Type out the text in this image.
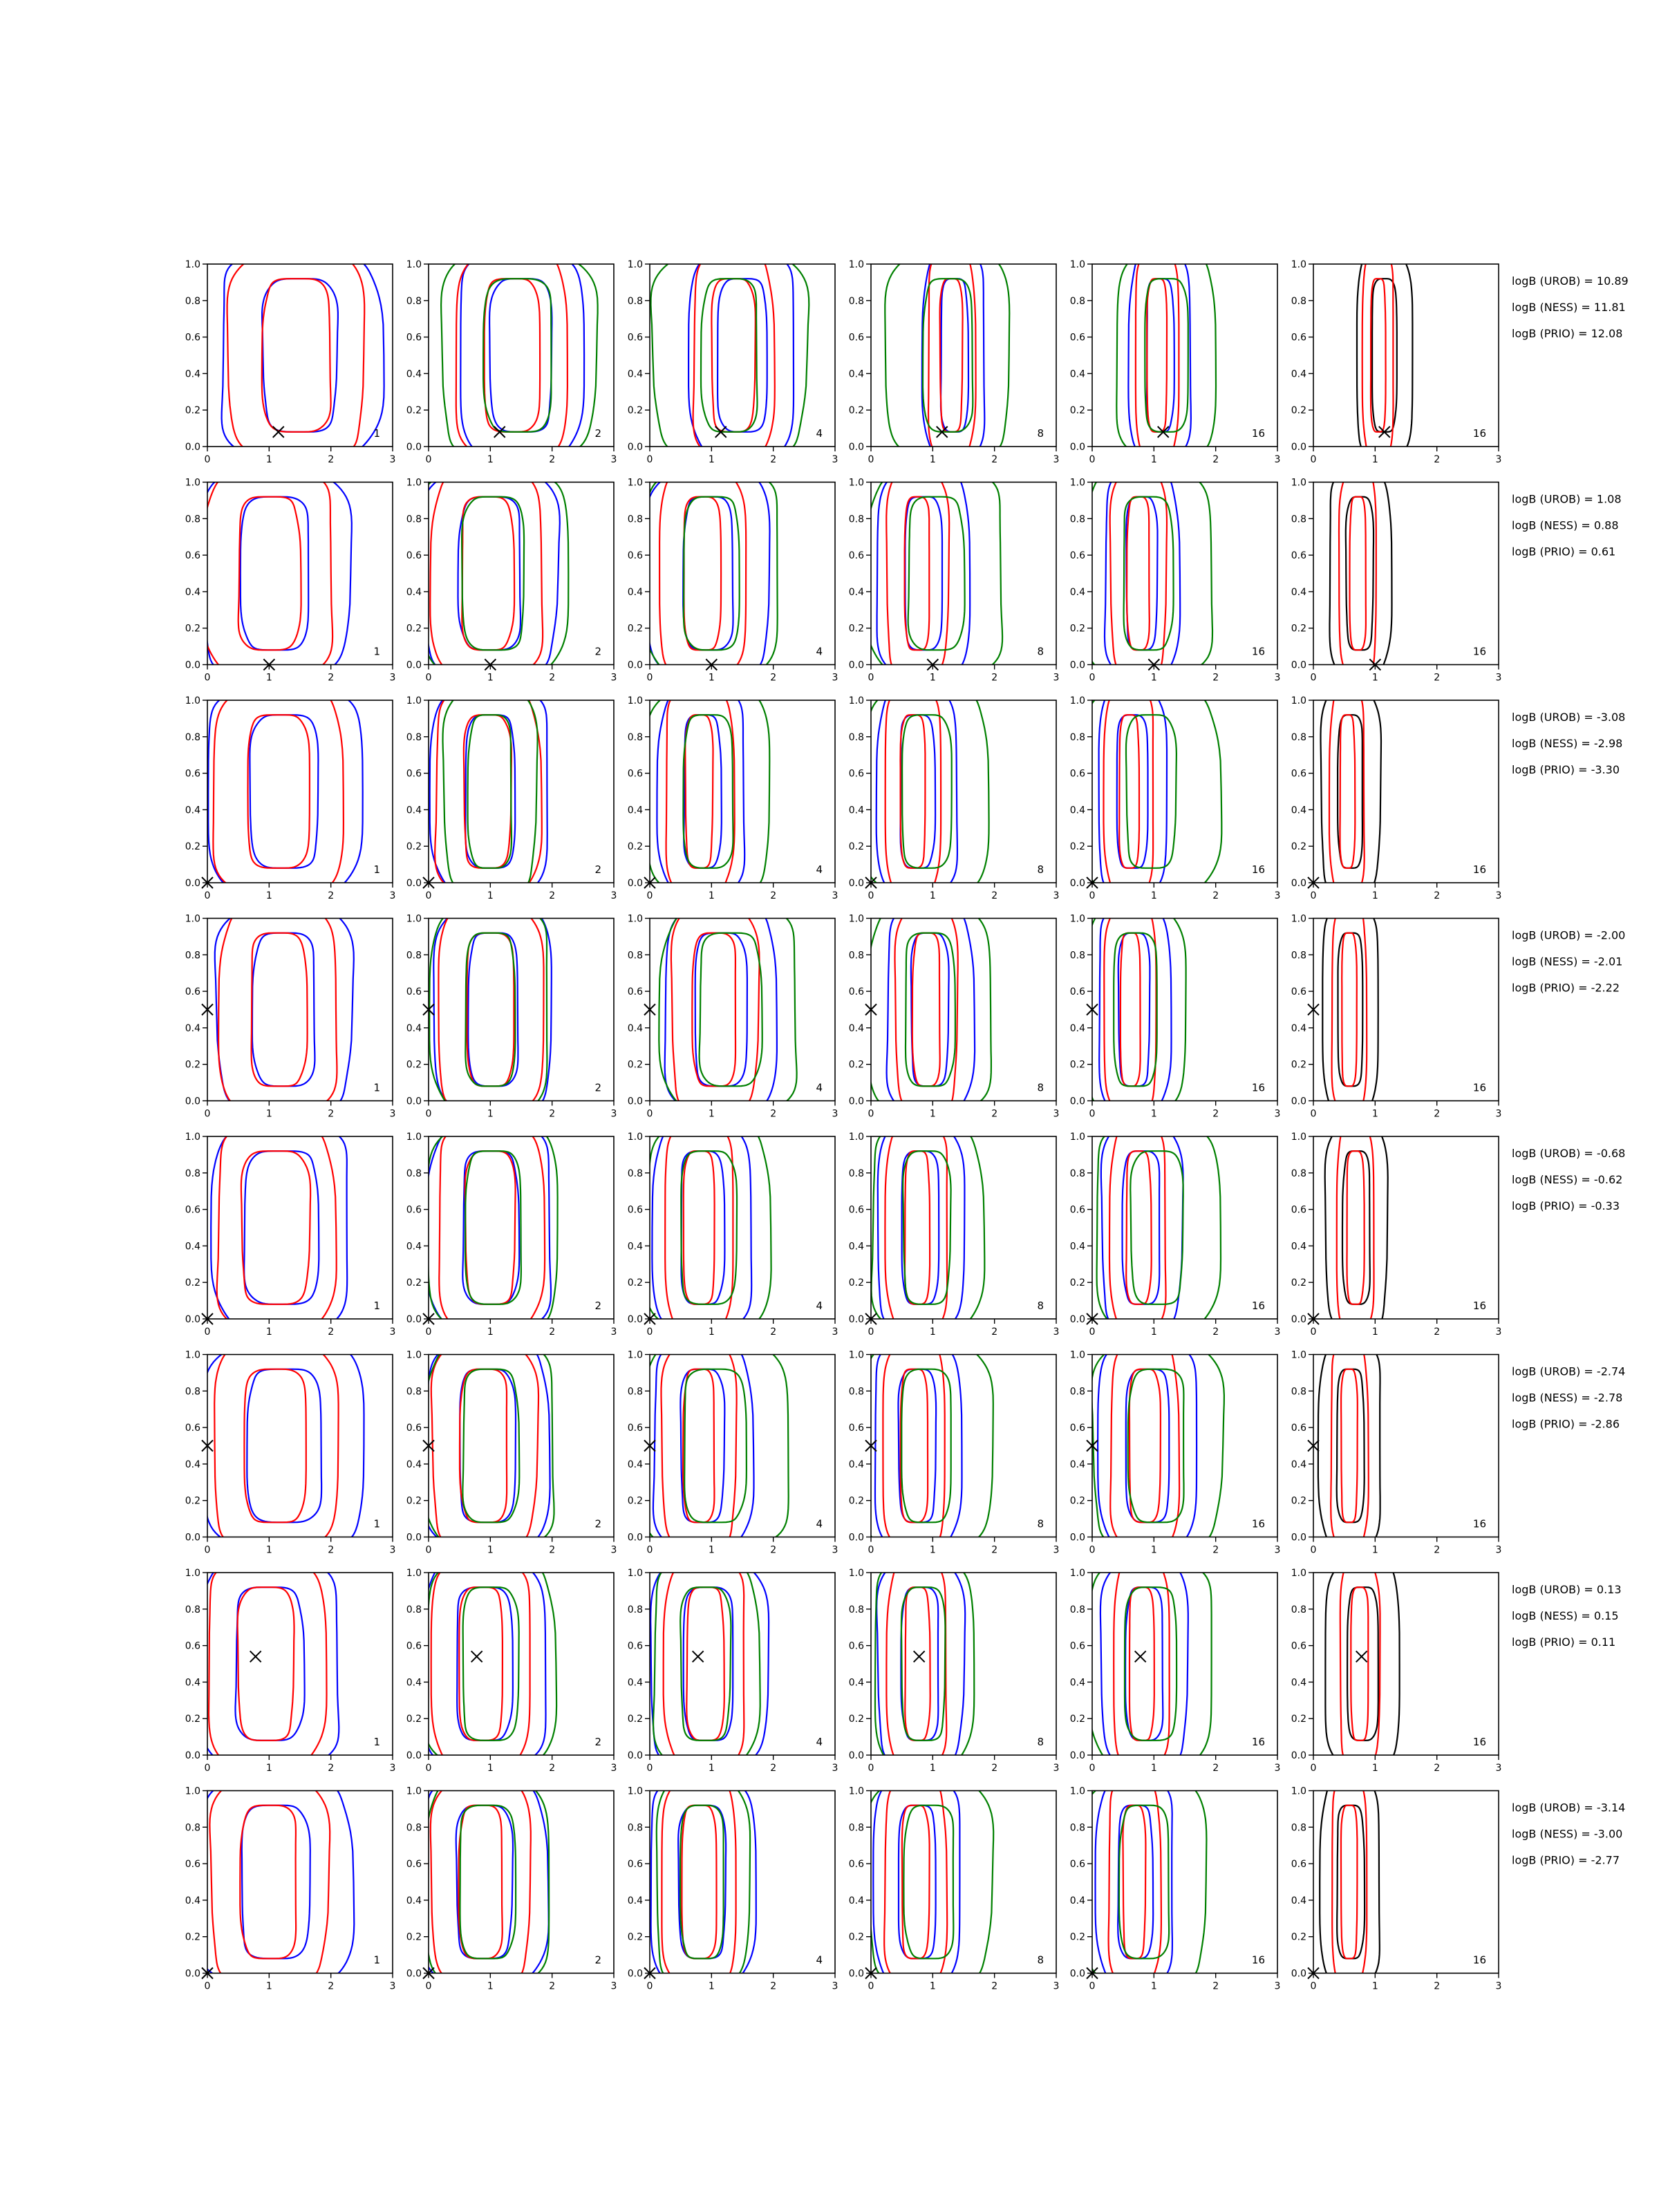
0	1	2	3
0.0
0.2
0.4
0.6
0.8
1.0
1
0	1	2	3
0.0
0.2
0.4
0.6
0.8
1.0
2
0	1	2	3
0.0
0.2
0.4
0.6
0.8
1.0
4
0	1	2	3
0.0
0.2
0.4
0.6
0.8
1.0
8
0	1	2	3
0.0
0.2
0.4
0.6
0.8
1.0
16
0	1	2	3
0.0
0.2
0.4
0.6
0.8
1.0
16
logB (UROB) = 10.89
logB (NESS) = 11.81
logB (PRIO) = 12.08
0	1	2	3
0.0
0.2
0.4
0.6
0.8
1.0
1
0	1	2	3
0.0
0.2
0.4
0.6
0.8
1.0
2
0	1	2	3
0.0
0.2
0.4
0.6
0.8
1.0
4
0	1	2	3
0.0
0.2
0.4
0.6
0.8
1.0
8
0	1	2	3
0.0
0.2
0.4
0.6
0.8
1.0
16
0	1	2	3
0.0
0.2
0.4
0.6
0.8
1.0
16
logB (UROB) = 1.08
logB (NESS) = 0.88
logB (PRIO) = 0.61
0	1	2	3
0.0
0.2
0.4
0.6
0.8
1.0
1
0	1	2	3
0.0
0.2
0.4
0.6
0.8
1.0
2
0	1	2	3
0.0
0.2
0.4
0.6
0.8
1.0
4
0	1	2	3
0.0
0.2
0.4
0.6
0.8
1.0
8
0	1	2	3
0.0
0.2
0.4
0.6
0.8
1.0
16
0	1	2	3
0.0
0.2
0.4
0.6
0.8
1.0
16
logB (UROB) = -3.08
logB (NESS) = -2.98
logB (PRIO) = -3.30
0	1	2	3
0.0
0.2
0.4
0.6
0.8
1.0
1
0	1	2	3
0.0
0.2
0.4
0.6
0.8
1.0
2
0	1	2	3
0.0
0.2
0.4
0.6
0.8
1.0
4
0	1	2	3
0.0
0.2
0.4
0.6
0.8
1.0
8
0	1	2	3
0.0
0.2
0.4
0.6
0.8
1.0
16
0	1	2	3
0.0
0.2
0.4
0.6
0.8
1.0
16
logB (UROB) = -2.00
logB (NESS) = -2.01
logB (PRIO) = -2.22
0	1	2	3
0.0
0.2
0.4
0.6
0.8
1.0
1
0	1	2	3
0.0
0.2
0.4
0.6
0.8
1.0
2
0	1	2	3
0.0
0.2
0.4
0.6
0.8
1.0
4
0	1	2	3
0.0
0.2
0.4
0.6
0.8
1.0
8
0	1	2	3
0.0
0.2
0.4
0.6
0.8
1.0
16
0	1	2	3
0.0
0.2
0.4
0.6
0.8
1.0
16
logB (UROB) = -0.68
logB (NESS) = -0.62
logB (PRIO) = -0.33
0	1	2	3
0.0
0.2
0.4
0.6
0.8
1.0
1
0	1	2	3
0.0
0.2
0.4
0.6
0.8
1.0
2
0	1	2	3
0.0
0.2
0.4
0.6
0.8
1.0
4
0	1	2	3
0.0
0.2
0.4
0.6
0.8
1.0
8
0	1	2	3
0.0
0.2
0.4
0.6
0.8
1.0
16
0	1	2	3
0.0
0.2
0.4
0.6
0.8
1.0
16
logB (UROB) = -2.74
logB (NESS) = -2.78
logB (PRIO) = -2.86
0	1	2	3
0.0
0.2
0.4
0.6
0.8
1.0
1
0	1	2	3
0.0
0.2
0.4
0.6
0.8
1.0
2
0	1	2	3
0.0
0.2
0.4
0.6
0.8
1.0
4
0	1	2	3
0.0
0.2
0.4
0.6
0.8
1.0
8
0	1	2	3
0.0
0.2
0.4
0.6
0.8
1.0
16
0	1	2	3
0.0
0.2
0.4
0.6
0.8
1.0
16
logB (UROB) = 0.13
logB (NESS) = 0.15
logB (PRIO) = 0.11
0	1	2	3
0.0
0.2
0.4
0.6
0.8
1.0
1
0	1	2	3
0.0
0.2
0.4
0.6
0.8
1.0
2
0	1	2	3
0.0
0.2
0.4
0.6
0.8
1.0
4
0	1	2	3
0.0
0.2
0.4
0.6
0.8
1.0
8
0	1	2	3
0.0
0.2
0.4
0.6
0.8
1.0
16
0	1	2	3
0.0
0.2
0.4
0.6
0.8
1.0
16
logB (UROB) = -3.14
logB (NESS) = -3.00
logB (PRIO) = -2.77
